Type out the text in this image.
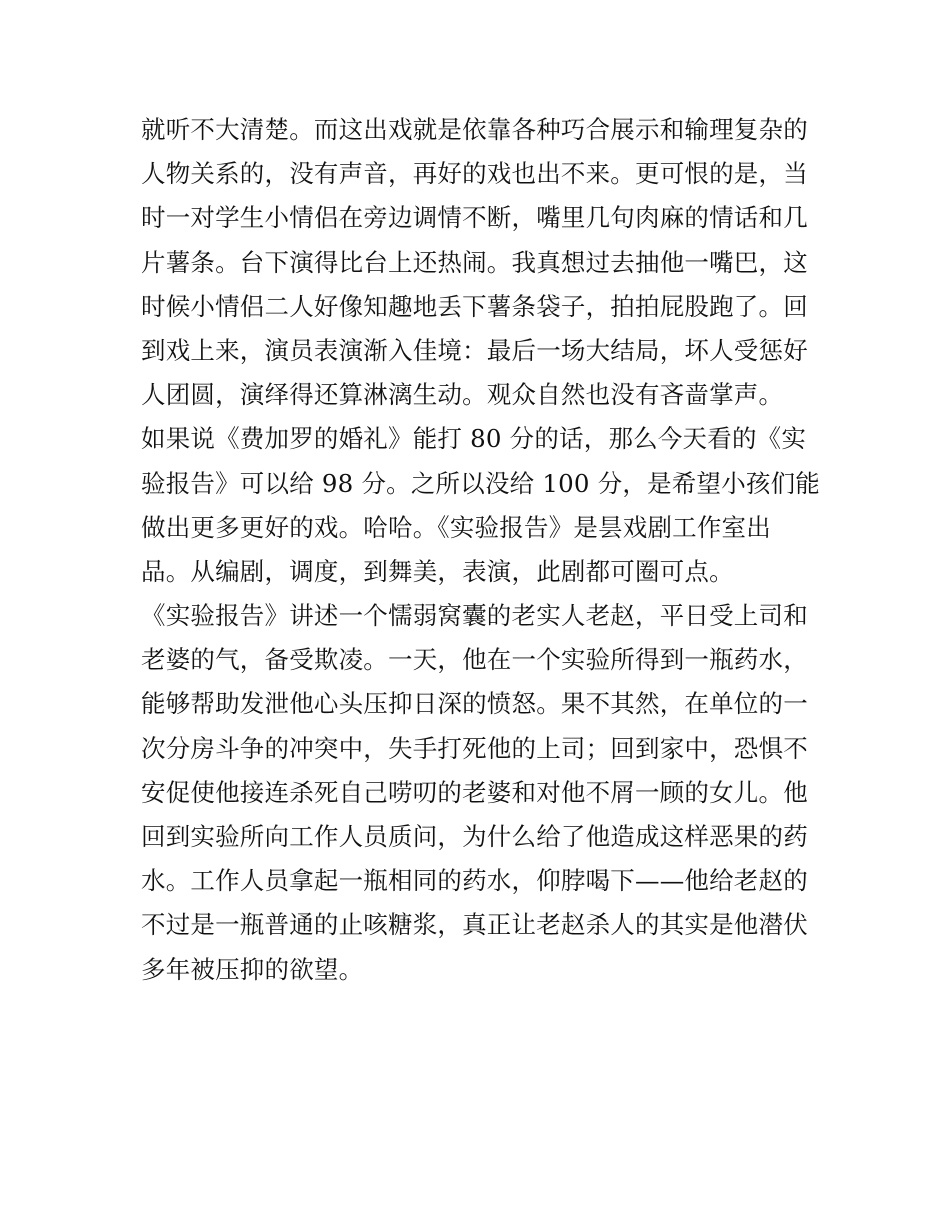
就听不大清楚。而这出戏就是依靠各种巧合展示和输理复杂的
人物关系的，没有声音，再好的戏也出不来。更可恨的是，当
时一对学生小情侣在旁边调情不断，嘴里几句肉麻的情话和几
片薯条。台下演得比台上还热闹。我真想过去抽他一嘴巴，这
时候小情侣二人好像知趣地丢下薯条袋子，拍拍屁股跑了。回
到戏上来，演员表演渐入佳境：最后一场大结局，坏人受惩好
人团圆，演绎得还算淋漓生动。观众自然也没有吝啬掌声。
如果说《费加罗的婚礼》能打 80 分的话，那么今天看的《实
验报告》可以给 98 分。之所以没给 100 分，是希望小孩们能
做出更多更好的戏。哈哈。《实验报告》是昙戏剧工作室出
品。从编剧，调度，到舞美，表演，此剧都可圈可点。
《实验报告》讲述一个懦弱窝囊的老实人老赵，平日受上司和
老婆的气，备受欺凌。一天，他在一个实验所得到一瓶药水，
能够帮助发泄他心头压抑日深的愤怒。果不其然，在单位的一
次分房斗争的冲突中，失手打死他的上司；回到家中，恐惧不
安促使他接连杀死自己唠叨的老婆和对他不屑一顾的女儿。他
回到实验所向工作人员质问，为什么给了他造成这样恶果的药
水。工作人员拿起一瓶相同的药水，仰脖喝下——他给老赵的
不过是一瓶普通的止咳糖浆，真正让老赵杀人的其实是他潜伏
多年被压抑的欲望。
